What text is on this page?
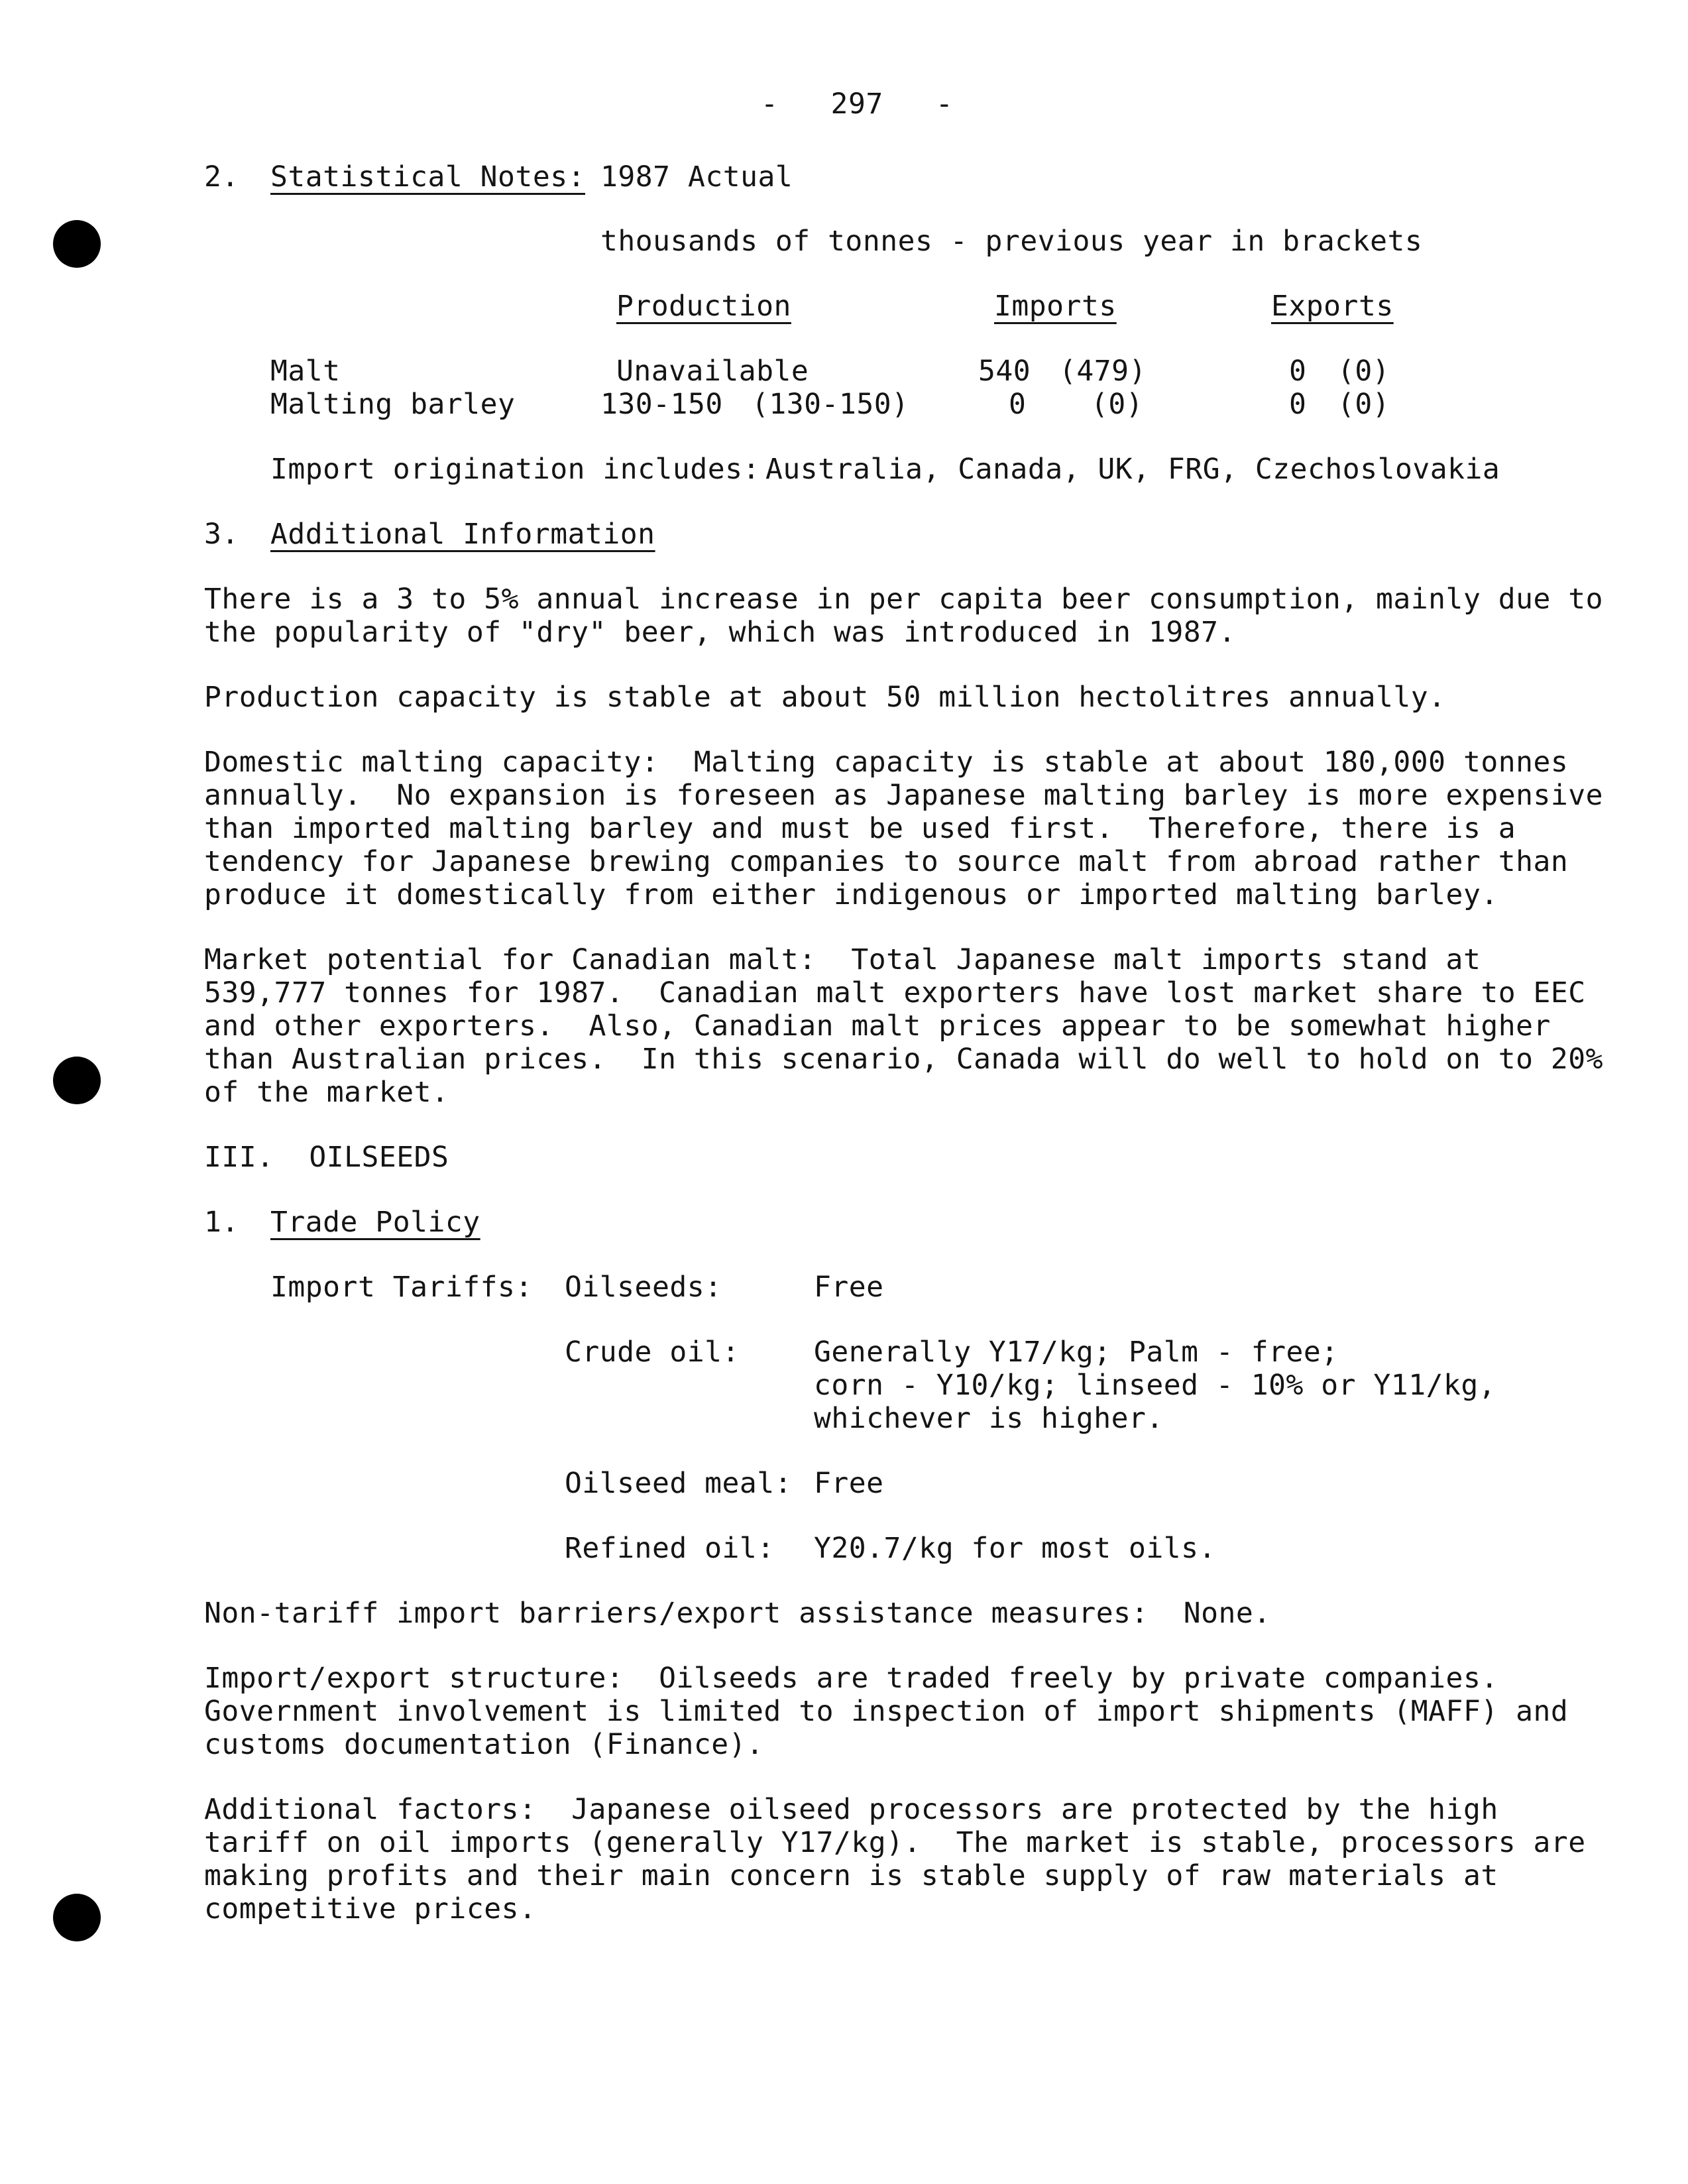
-   297   -
2. Statistical Notes: 1987 Actual
thousands of tonnes - previous year in brackets
Production	Imports	Exports
Malt	Unavailable	540 (479)	0 (0)
Malting barley	130-150 (130-150)	0 (0)	0 (0)
Import origination includes: Australia, Canada, UK, FRG, Czechoslovakia
3. Additional Information
There is a 3 to 5% annual increase in per capita beer consumption, mainly due to
the popularity of "dry" beer, which was introduced in 1987.
Production capacity is stable at about 50 million hectolitres annually.
Domestic malting capacity:  Malting capacity is stable at about 180,000 tonnes
annually.  No expansion is foreseen as Japanese malting barley is more expensive
than imported malting barley and must be used first.  Therefore, there is a
tendency for Japanese brewing companies to source malt from abroad rather than
produce it domestically from either indigenous or imported malting barley.
Market potential for Canadian malt:  Total Japanese malt imports stand at
539,777 tonnes for 1987.  Canadian malt exporters have lost market share to EEC
and other exporters.  Also, Canadian malt prices appear to be somewhat higher
than Australian prices.  In this scenario, Canada will do well to hold on to 20%
of the market.
III.  OILSEEDS
1. Trade Policy
Import Tariffs: Oilseeds:	Free
Crude oil:	Generally Y17/kg; Palm - free;
corn - Y10/kg; linseed - 10% or Y11/kg,
whichever is higher.
Oilseed meal: Free
Refined oil: Y20.7/kg for most oils.
Non-tariff import barriers/export assistance measures:  None.
Import/export structure:  Oilseeds are traded freely by private companies.
Government involvement is limited to inspection of import shipments (MAFF) and
customs documentation (Finance).
Additional factors:  Japanese oilseed processors are protected by the high
tariff on oil imports (generally Y17/kg).  The market is stable, processors are
making profits and their main concern is stable supply of raw materials at
competitive prices.
